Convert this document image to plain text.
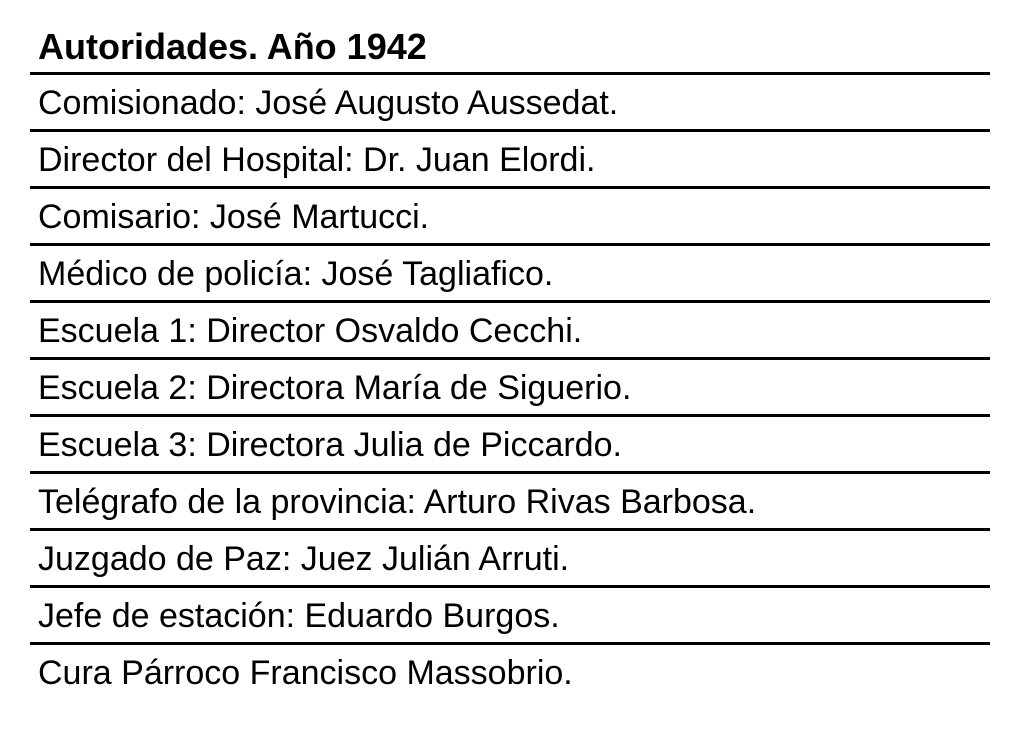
Autoridades. Año 1942
Comisionado: José Augusto Aussedat.
Director del Hospital: Dr. Juan Elordi.
Comisario: José Martucci.
Médico de policía: José Tagliafico.
Escuela 1: Director Osvaldo Cecchi.
Escuela 2: Directora María de Siguerio.
Escuela 3: Directora Julia de Piccardo.
Telégrafo de la provincia: Arturo Rivas Barbosa.
Juzgado de Paz: Juez Julián Arruti.
Jefe de estación: Eduardo Burgos.
Cura Párroco Francisco Massobrio.
